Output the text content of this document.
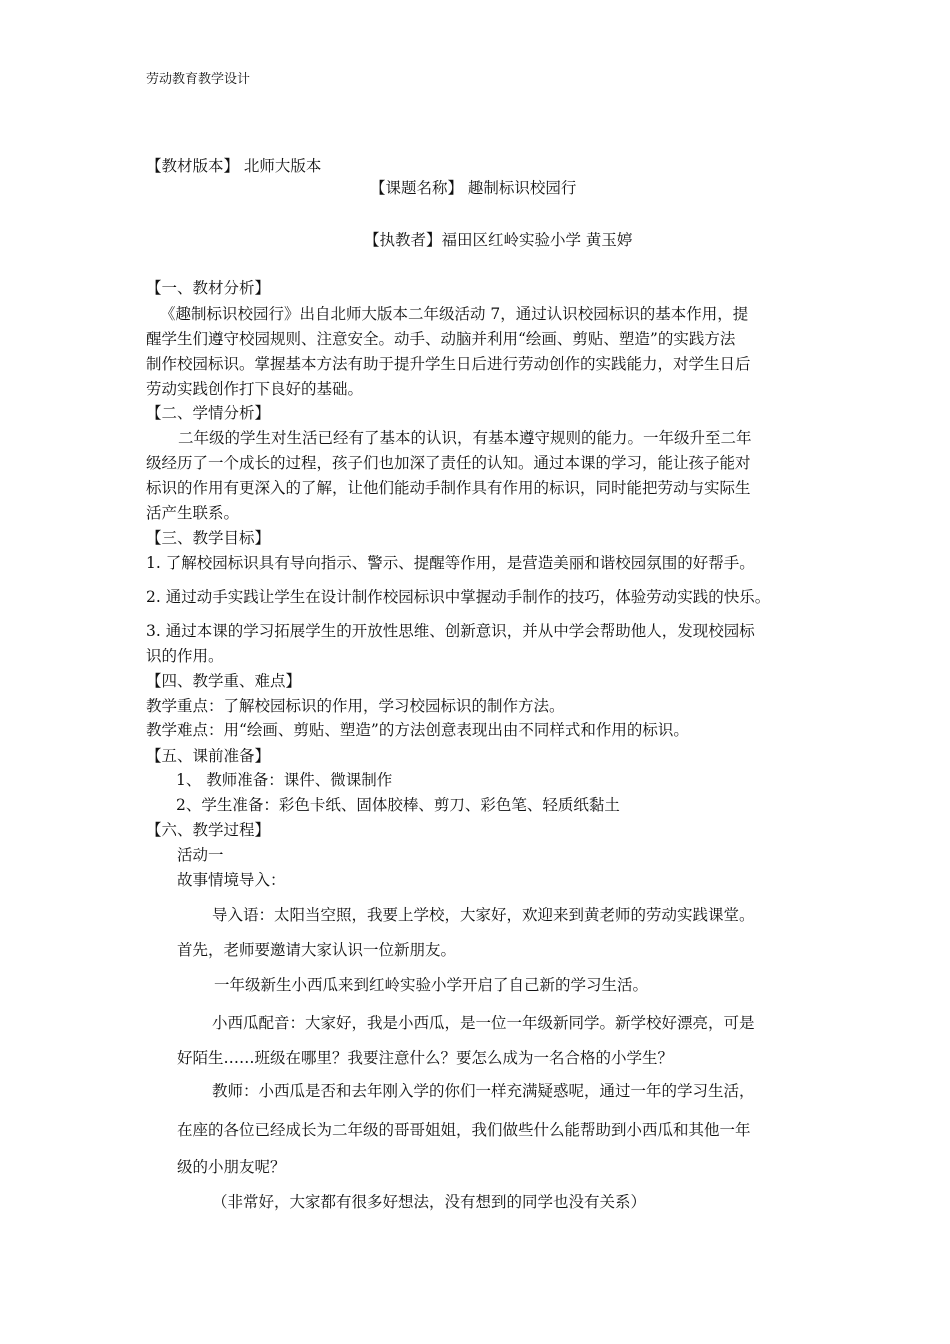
劳动教育教学设计
【教材版本】 北师大版本
【课题名称】 趣制标识校园行
【执教者】福田区红岭实验小学 黄玉婷
【一、教材分析】
《趣制标识校园行》出自北师大版本二年级活动 7，通过认识校园标识的基本作用，提
醒学生们遵守校园规则、注意安全。动手、动脑并利用“绘画、剪贴、塑造”的实践方法
制作校园标识。掌握基本方法有助于提升学生日后进行劳动创作的实践能力，对学生日后
劳动实践创作打下良好的基础。
【二、学情分析】
二年级的学生对生活已经有了基本的认识，有基本遵守规则的能力。一年级升至二年
级经历了一个成长的过程，孩子们也加深了责任的认知。通过本课的学习，能让孩子能对
标识的作用有更深入的了解，让他们能动手制作具有作用的标识，同时能把劳动与实际生
活产生联系。
【三、教学目标】
1. 了解校园标识具有导向指示、警示、提醒等作用，是营造美丽和谐校园氛围的好帮手。
2. 通过动手实践让学生在设计制作校园标识中掌握动手制作的技巧，体验劳动实践的快乐。
3. 通过本课的学习拓展学生的开放性思维、创新意识，并从中学会帮助他人，发现校园标
识的作用。
【四、教学重、难点】
教学重点：了解校园标识的作用，学习校园标识的制作方法。
教学难点：用“绘画、剪贴、塑造”的方法创意表现出由不同样式和作用的标识。
【五、课前准备】
1、 教师准备：课件、微课制作
2、学生准备：彩色卡纸、固体胶棒、剪刀、彩色笔、轻质纸黏土
【六、教学过程】
活动一
故事情境导入：
导入语：太阳当空照，我要上学校，大家好，欢迎来到黄老师的劳动实践课堂。
首先，老师要邀请大家认识一位新朋友。
一年级新生小西瓜来到红岭实验小学开启了自己新的学习生活。
小西瓜配音：大家好，我是小西瓜，是一位一年级新同学。新学校好漂亮，可是
好陌生……班级在哪里？我要注意什么？要怎么成为一名合格的小学生？
教师：小西瓜是否和去年刚入学的你们一样充满疑惑呢，通过一年的学习生活，
在座的各位已经成长为二年级的哥哥姐姐，我们做些什么能帮助到小西瓜和其他一年
级的小朋友呢？
（非常好，大家都有很多好想法，没有想到的同学也没有关系）
